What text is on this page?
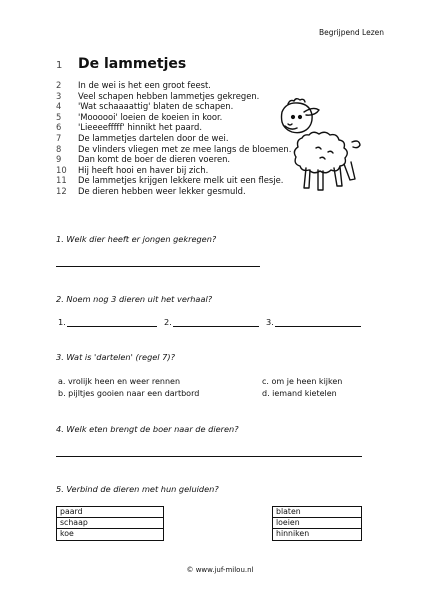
Begrijpend Lezen
1	De lammetjes
2	In de wei is het een groot feest.
3	Veel schapen hebben lammetjes gekregen.
4	'Wat schaaaattig' blaten de schapen.
5	'Moooooi' loeien de koeien in koor.
6	'Lieeeefffff' hinnikt het paard.
7	De lammetjes dartelen door de wei.
8	De vlinders vliegen met ze mee langs de bloemen.
9	Dan komt de boer de dieren voeren.
10	Hij heeft hooi en haver bij zich.
11	De lammetjes krijgen lekkere melk uit een flesje.
12	De dieren hebben weer lekker gesmuld.
1. Welk dier heeft er jongen gekregen?
2. Noem nog 3 dieren uit het verhaal?
1.	2.	3.
3. Wat is 'dartelen' (regel 7)?
a. vrolijk heen en weer rennen
b. pijltjes gooien naar een dartbord
c. om je heen kijken
d. iemand kietelen
4. Welk eten brengt de boer naar de dieren?
5. Verbind de dieren met hun geluiden?
paard
schaap
koe
blaten
loeien
hinniken
© www.juf-milou.nl
